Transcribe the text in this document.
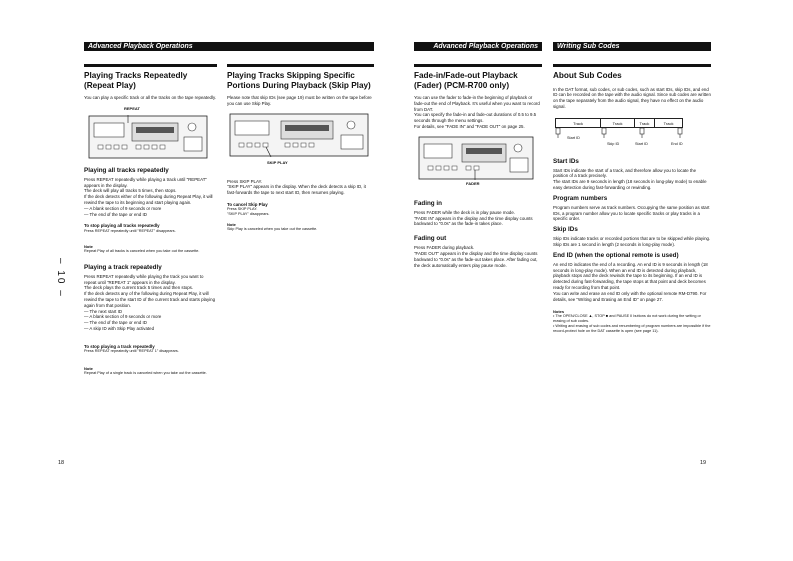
Advanced Playback Operations	Advanced Playback Operations	Writing Sub Codes
Playing Tracks Repeatedly (Repeat Play)
You can play a specific track or all the tracks on the tape repeatedly.
REPEAT
Playing all tracks repeatedly
Press REPEAT repeatedly while playing a track until "REPEAT" appears in the display.
The deck will play all tracks 5 times, then stops.
If the deck detects either of the following during Repeat Play, it will rewind the tape to its beginning and start playing again.
— A blank section of 9 seconds or more
— The end of the tape or end ID
To stop playing all tracks repeatedly
Press REPEAT repeatedly until "REPEAT" disappears.
Note
Repeat Play of all tracks is canceled when you take out the cassette.
Playing a track repeatedly
Press REPEAT repeatedly while playing the track you want to repeat until "REPEAT 1" appears in the display.
The deck plays the current track 5 times and then stops.
If the deck detects any of the following during Repeat Play, it will rewind the tape to the start ID of the current track and starts playing again from that position.
— The next start ID
— A blank section of 9 seconds or more
— The end of the tape or end ID
— A skip ID with Skip Play activated
To stop playing a track repeatedly
Press REPEAT repeatedly until "REPEAT 1" disappears.
Note
Repeat Play of a single track is canceled when you take out the cassette.
Playing Tracks Skipping Specific Portions During Playback (Skip Play)
Please note that skip IDs (see page 19) must be written on the tape before you can use Skip Play.
SKIP PLAY
Press SKIP PLAY.
"SKIP PLAY" appears in the display. When the deck detects a skip ID, it fast-forwards the tape to next start ID, then resumes playing.
To cancel Skip Play
Press SKIP PLAY.
"SKIP PLAY" disappears.
Note
Skip Play is canceled when you take out the cassette.
– 10 –
18
Fade-in/Fade-out Playback (Fader) (PCM-R700 only)
You can use the fader to fade-in the beginning of playback or fade-out the end of Playback. It's useful when you want to record from DAT.
You can specify the fade-in and fade-out durations of 0.5 to 9.5 seconds through the menu settings.
For details, see "FADE IN" and "FADE OUT" on page 25.
FADER
Fading in
Press FADER while the deck is in play pause mode.
"FADE IN" appears in the display and the time display counts backward to "0.0s" as the fade-in takes place.
Fading out
Press FADER during playback.
"FADE OUT" appears in the display and the time display counts backward to "0.0s" as the fade-out takes place. After fading out, the deck automatically enters play pause mode.
About Sub Codes
In the DAT format, sub codes, or sub codes, such as start IDs, skip IDs, and end ID can be recorded on the tape with the audio signal. Since sub codes are written on the tape separately from the audio signal, they have no effect on the audio signal.
Track	Track	Track	Track
Start ID
Skip ID	Start ID	End ID
Start IDs
Start IDs indicate the start of a track, and therefore allow you to locate the position of a track precisely.
The start IDs are 9 seconds in length (18 seconds in long-play mode) to enable easy detection during fast-forwarding or rewinding.
Program numbers
Program numbers serve as track numbers. Occupying the same position as start IDs, a program number allow you to locate specific tracks or play tracks in a specific order.
Skip IDs
Skip IDs indicate tracks or recorded portions that are to be skipped while playing. Skip IDs are 1 second in length (2 seconds in long-play mode).
End ID (when the optional remote is used)
An end ID indicates the end of a recording. An end ID is 9 seconds in length (18 seconds in long-play mode). When an end ID is detected during playback, playback stops and the deck rewinds the tape to its beginning. If an end ID is detected during fast-forwarding, the tape stops at that point and deck becomes ready for recording from that point.
You can write and erase an end ID only with the optional remote RM-D790. For details, see "Writing and Erasing an End ID" on page 27.
Notes
• The OPEN/CLOSE ▲, STOP ■ and PAUSE II buttons do not work during the writing or erasing of sub codes.
• Writing and erasing of sub codes and renumbering of program numbers are impossible if the record-protect hole on the DAT cassette is open (see page 11).
19
